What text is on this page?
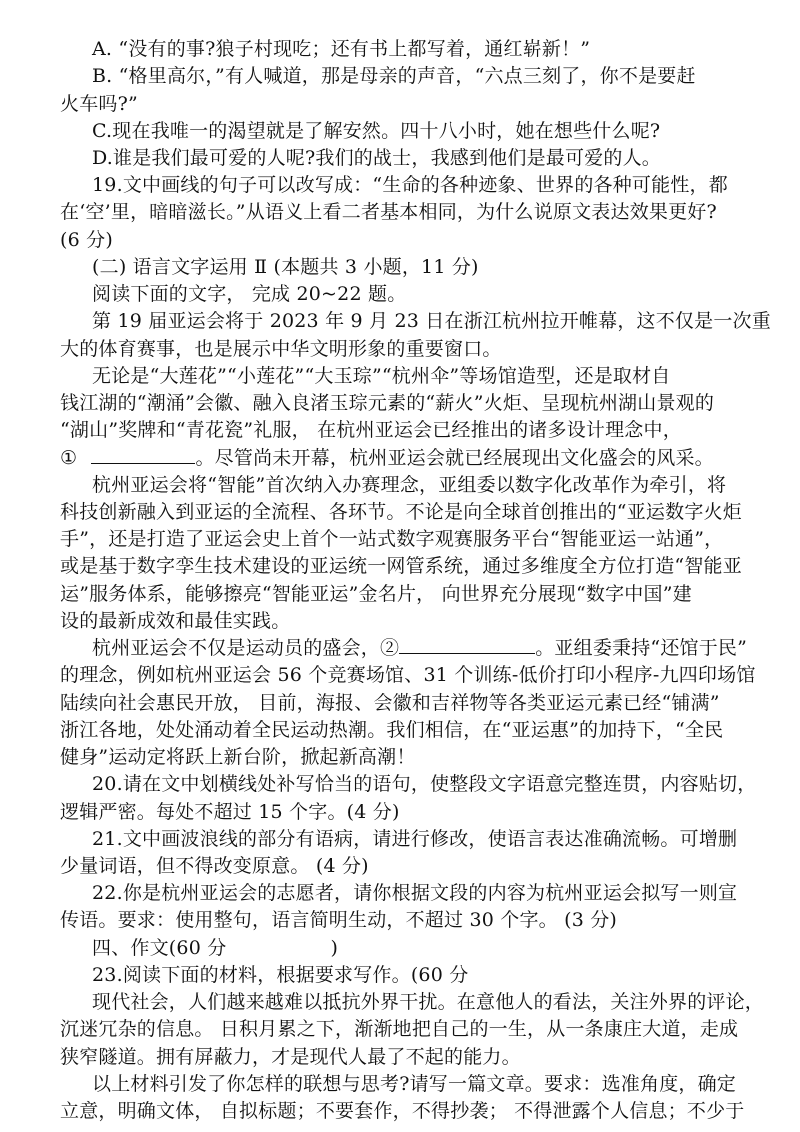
A. “没有的事?狼子村现吃；还有书上都写着，通红崭新！”
B. “格里高尔，”有人喊道，那是母亲的声音，“六点三刻了，你不是要赶
火车吗?”
C.现在我唯一的渴望就是了解安然。四十八小时，她在想些什么呢?
D.谁是我们最可爱的人呢?我们的战士，我感到他们是最可爱的人。
19.文中画线的句子可以改写成：“生命的各种迹象、世界的各种可能性，都
在‘空’里，暗暗滋长。”从语义上看二者基本相同，为什么说原文表达效果更好?
(6 分)
(二) 语言文字运用 Ⅱ (本题共 3 小题，11 分)
阅读下面的文字， 完成 20~22 题。
第 19 届亚运会将于 2023 年 9 月 23 日在浙江杭州拉开帷幕，这不仅是一次重
大的体育赛事，也是展示中华文明形象的重要窗口。
无论是“大莲花”“小莲花”“大玉琮”“杭州伞”等场馆造型，还是取材自
钱江湖的“潮涌”会徽、融入良渚玉琮元素的“薪火”火炬、呈现杭州湖山景观的
“湖山”奖牌和“青花瓷”礼服， 在杭州亚运会已经推出的诸多设计理念中，
①	。尽管尚未开幕，杭州亚运会就已经展现出文化盛会的风采。
杭州亚运会将“智能”首次纳入办赛理念，亚组委以数字化改革作为牵引，将
科技创新融入到亚运的全流程、各环节。不论是向全球首创推出的“亚运数字火炬
手”，还是打造了亚运会史上首个一站式数字观赛服务平台“智能亚运一站通”，
或是基于数字孪生技术建设的亚运统一网管系统，通过多维度全方位打造“智能亚
运”服务体系，能够擦亮“智能亚运”金名片， 向世界充分展现“数字中国”建
设的最新成效和最佳实践。
杭州亚运会不仅是运动员的盛会，②	。亚组委秉持“还馆于民”
的理念，例如杭州亚运会 56 个竞赛场馆、31 个训练-低价打印小程序-九四印场馆
陆续向社会惠民开放， 目前，海报、会徽和吉祥物等各类亚运元素已经“铺满”
浙江各地，处处涌动着全民运动热潮。我们相信，在“亚运惠”的加持下，“全民
健身”运动定将跃上新台阶，掀起新高潮！
20.请在文中划横线处补写恰当的语句，使整段文字语意完整连贯，内容贴切，
逻辑严密。每处不超过 15 个字。(4 分)
21.文中画波浪线的部分有语病，请进行修改，使语言表达准确流畅。可增删
少量词语，但不得改变原意。 (4 分)
22.你是杭州亚运会的志愿者，请你根据文段的内容为杭州亚运会拟写一则宣
传语。要求：使用整句，语言简明生动，不超过 30 个字。 (3 分)
四、作文(60 分	)
23.阅读下面的材料，根据要求写作。(60 分
现代社会，人们越来越难以抵抗外界干扰。在意他人的看法，关注外界的评论，
沉迷冗杂的信息。 日积月累之下，渐渐地把自己的一生，从一条康庄大道，走成
狭窄隧道。拥有屏蔽力，才是现代人最了不起的能力。
以上材料引发了你怎样的联想与思考?请写一篇文章。要求：选准角度，确定
立意，明确文体， 自拟标题；不要套作，不得抄袭； 不得泄露个人信息；不少于
